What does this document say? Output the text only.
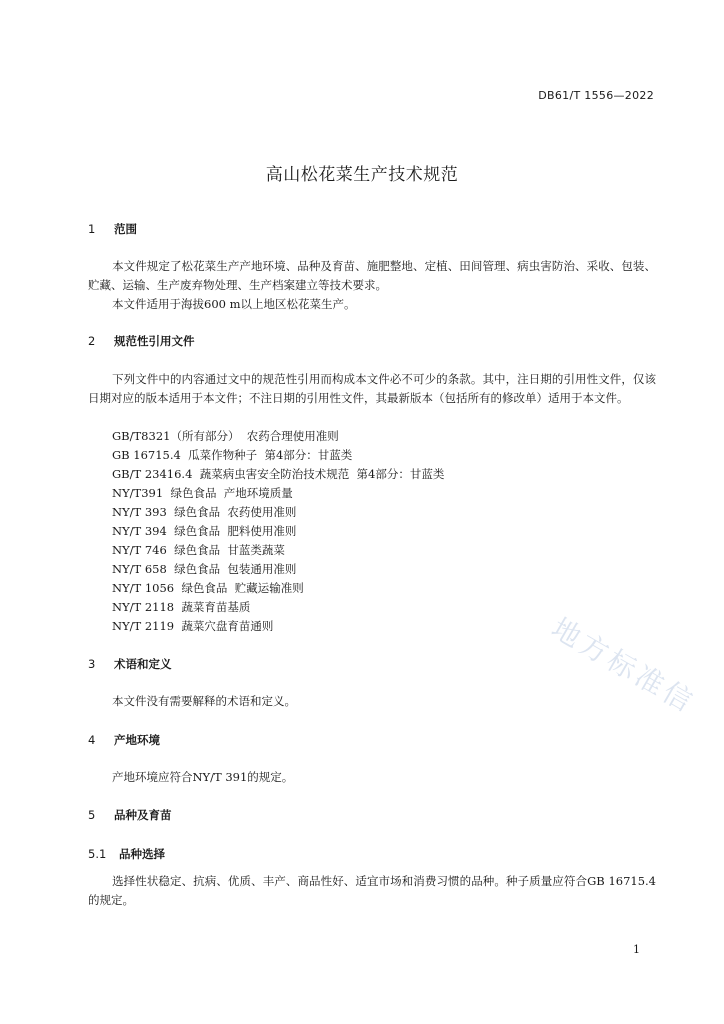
DB61/T 1556—2022
高山松花菜生产技术规范
1 范围
本文件规定了松花菜生产产地环境、品种及育苗、施肥整地、定植、田间管理、病虫害防治、采收、包装、贮藏、运输、生产废弃物处理、生产档案建立等技术要求。
本文件适用于海拔600 m以上地区松花菜生产。
2 规范性引用文件
下列文件中的内容通过文中的规范性引用而构成本文件必不可少的条款。其中，注日期的引用性文件，仅该日期对应的版本适用于本文件；不注日期的引用性文件，其最新版本（包括所有的修改单）适用于本文件。
GB/T8321（所有部分） 农药合理使用准则
GB 16715.4 瓜菜作物种子  第4部分：甘蓝类
GB/T 23416.4 蔬菜病虫害安全防治技术规范  第4部分：甘蓝类
NY/T391 绿色食品  产地环境质量
NY/T 393 绿色食品  农药使用准则
NY/T 394 绿色食品  肥料使用准则
NY/T 746 绿色食品  甘蓝类蔬菜
NY/T 658 绿色食品  包装通用准则
NY/T 1056 绿色食品  贮藏运输准则
NY/T 2118 蔬菜育苗基质
NY/T 2119 蔬菜穴盘育苗通则
3 术语和定义
本文件没有需要解释的术语和定义。
4 产地环境
产地环境应符合NY/T 391的规定。
5 品种及育苗
5.1 品种选择
选择性状稳定、抗病、优质、丰产、商品性好、适宜市场和消费习惯的品种。种子质量应符合GB 16715.4的规定。
地方标准信
1
